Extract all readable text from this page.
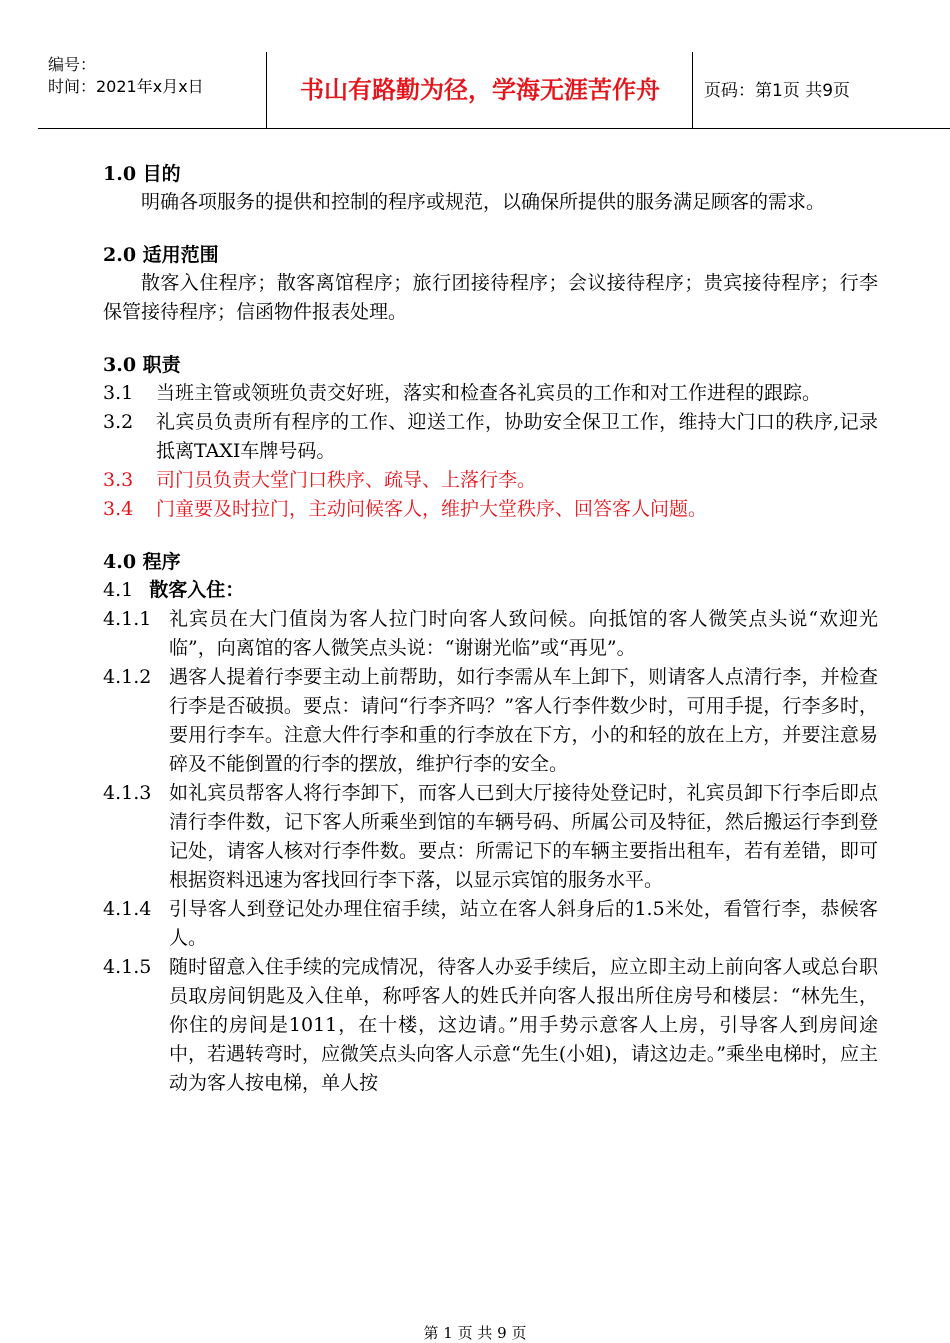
编号：
时间：2021年x月x日	书山有路勤为径，学海无涯苦作舟	页码：第1页 共9页
1.0 目的

明确各项服务的提供和控制的程序或规范，以确保所提供的服务满足顾客的需求。

2.0 适用范围

散客入住程序；散客离馆程序；旅行团接待程序；会议接待程序；贵宾接待程序；行李保管接待程序；信函物件报表处理。

3.0 职责
3.1 当班主管或领班负责交好班，落实和检查各礼宾员的工作和对工作进程的跟踪。
3.2 礼宾员负责所有程序的工作、迎送工作，协助安全保卫工作，维持大门口的秩序,记录抵离TAXI车牌号码。
3.3 司门员负责大堂门口秩序、疏导、上落行李。
3.4 门童要及时拉门，主动问候客人，维护大堂秩序、回答客人问题。
4.0 程序
4.1 散客入住：
4.1.1 礼宾员在大门值岗为客人拉门时向客人致问候。向抵馆的客人微笑点头说“欢迎光临”，向离馆的客人微笑点头说：“谢谢光临”或“再见”。
4.1.2 遇客人提着行李要主动上前帮助，如行李需从车上卸下，则请客人点清行李，并检查行李是否破损。要点：请问“行李齐吗？”客人行李件数少时，可用手提，行李多时，要用行李车。注意大件行李和重的行李放在下方，小的和轻的放在上方，并要注意易碎及不能倒置的行李的摆放，维护行李的安全。
4.1.3 如礼宾员帮客人将行李卸下，而客人已到大厅接待处登记时，礼宾员卸下行李后即点清行李件数，记下客人所乘坐到馆的车辆号码、所属公司及特征，然后搬运行李到登记处，请客人核对行李件数。要点：所需记下的车辆主要指出租车，若有差错，即可根据资料迅速为客找回行李下落，以显示宾馆的服务水平。
4.1.4 引导客人到登记处办理住宿手续，站立在客人斜身后的1.5米处，看管行李，恭候客人。
4.1.5 随时留意入住手续的完成情况，待客人办妥手续后，应立即主动上前向客人或总台职员取房间钥匙及入住单，称呼客人的姓氏并向客人报出所住房号和楼层：“林先生，你住的房间是1011，在十楼，这边请。”用手势示意客人上房，引导客人到房间途中，若遇转弯时，应微笑点头向客人示意“先生(小姐)，请这边走。”乘坐电梯时，应主动为客人按电梯，单人按
第 1 页 共 9 页
